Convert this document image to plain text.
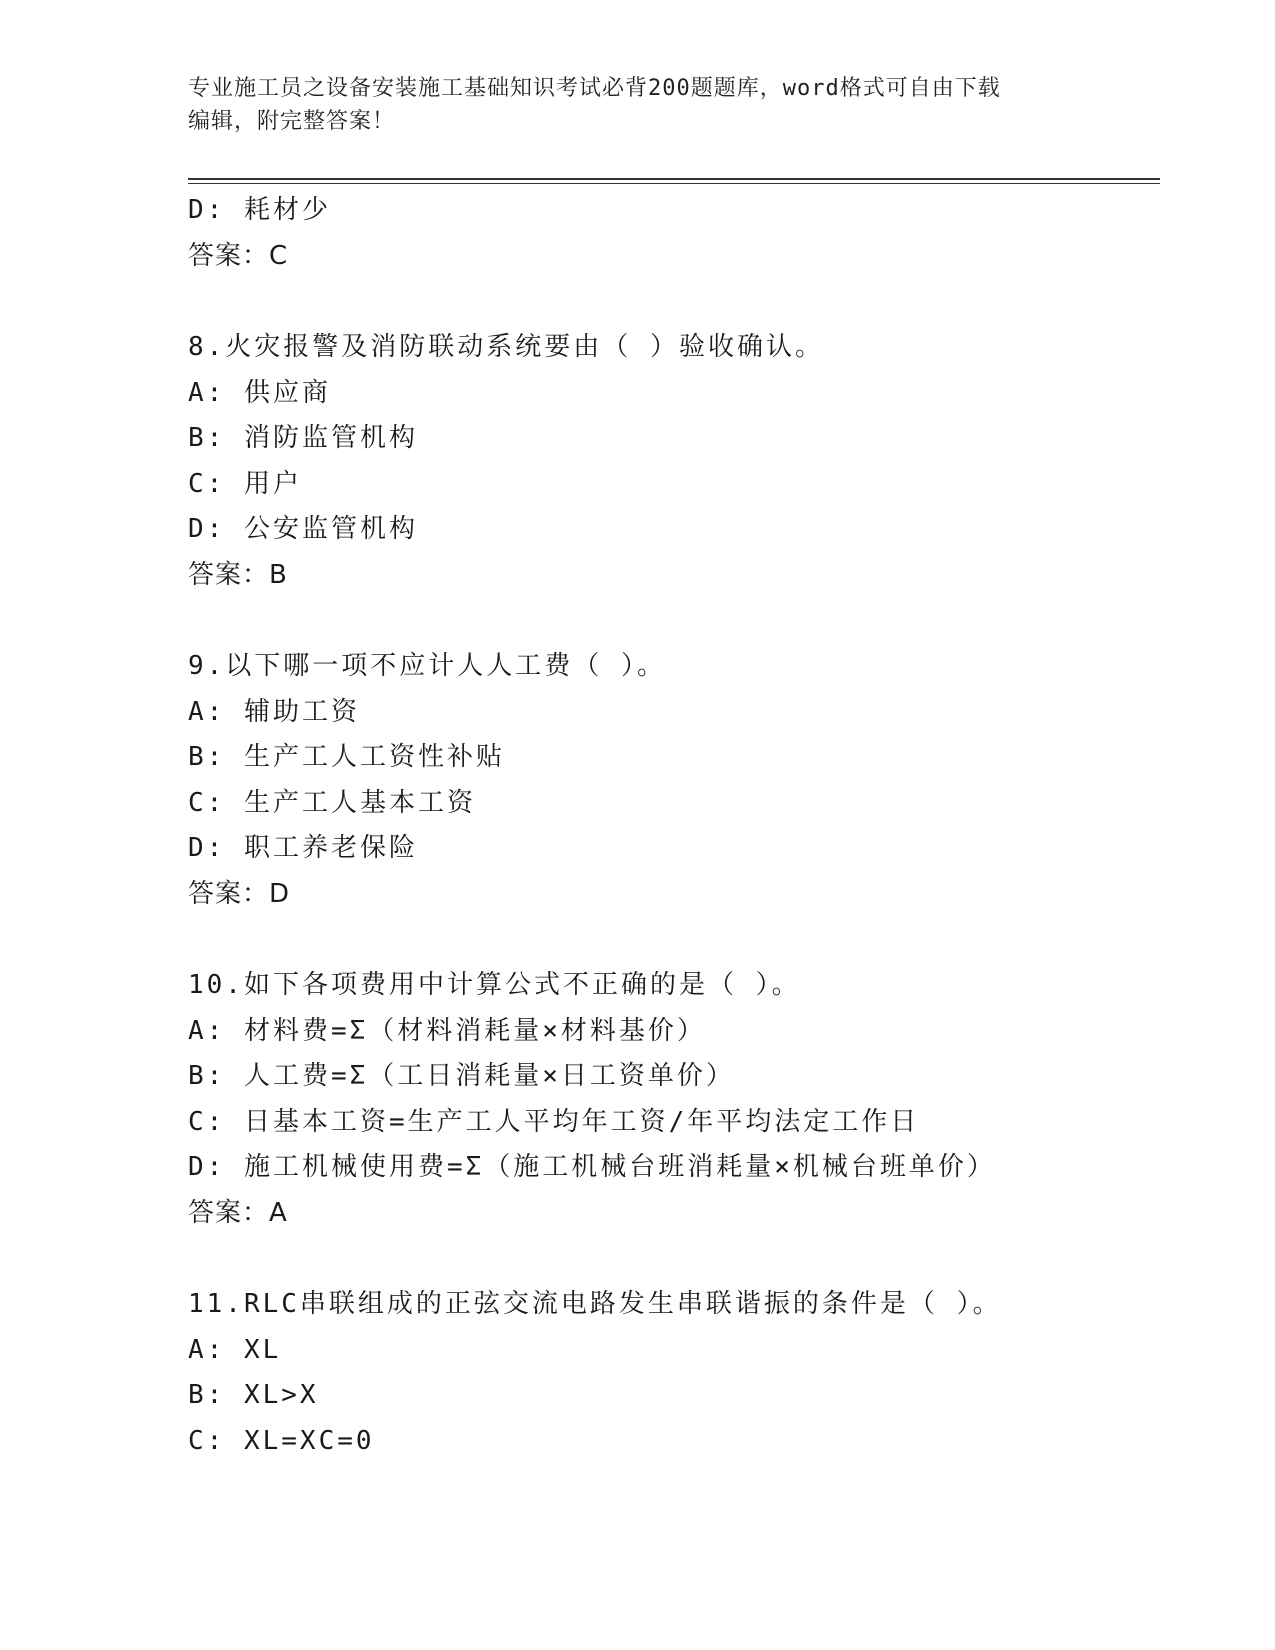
专业施工员之设备安装施工基础知识考试必背200题题库，word格式可自由下载
编辑，附完整答案！
D: 耗材少
答案：C
8.火灾报警及消防联动系统要由（ ）验收确认。
A: 供应商
B: 消防监管机构
C: 用户
D: 公安监管机构
答案：B
9.以下哪一项不应计人人工费（ ）。
A: 辅助工资
B: 生产工人工资性补贴
C: 生产工人基本工资
D: 职工养老保险
答案：D
10.如下各项费用中计算公式不正确的是（ ）。
A: 材料费=Σ（材料消耗量×材料基价）
B: 人工费=Σ（工日消耗量×日工资单价）
C: 日基本工资=生产工人平均年工资/年平均法定工作日
D: 施工机械使用费=Σ（施工机械台班消耗量×机械台班单价）
答案：A
11.RLC串联组成的正弦交流电路发生串联谐振的条件是（ ）。
A: XL
B: XL>X
C: XL=XC=0
